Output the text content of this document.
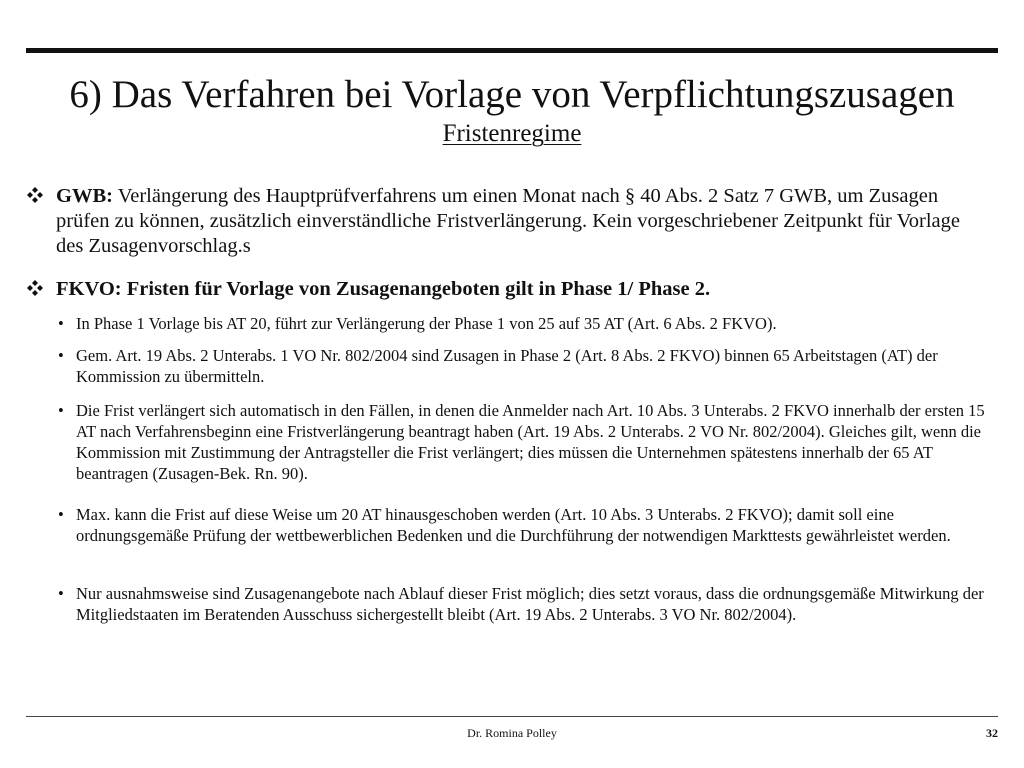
6) Das Verfahren bei Vorlage von Verpflichtungszusagen
Fristenregime
GWB: Verlängerung des Hauptprüfverfahrens um einen Monat nach § 40 Abs. 2 Satz 7 GWB, um Zusagen prüfen zu können, zusätzlich einverständliche Fristverlängerung. Kein vorgeschriebener Zeitpunkt für Vorlage des Zusagenvorschlag.s
FKVO: Fristen für Vorlage von Zusagenangeboten gilt in Phase 1/ Phase 2.
• In Phase 1 Vorlage bis AT 20, führt zur Verlängerung der Phase 1 von 25 auf 35 AT (Art. 6 Abs. 2 FKVO).
• Gem. Art. 19 Abs. 2 Unterabs. 1 VO Nr. 802/2004 sind Zusagen in Phase 2 (Art. 8 Abs. 2 FKVO) binnen 65 Arbeitstagen (AT) der Kommission zu übermitteln.
• Die Frist verlängert sich automatisch in den Fällen, in denen die Anmelder nach Art. 10 Abs. 3 Unterabs. 2 FKVO innerhalb der ersten 15 AT nach Verfahrensbeginn eine Fristverlängerung beantragt haben (Art. 19 Abs. 2 Unterabs. 2 VO Nr. 802/2004). Gleiches gilt, wenn die Kommission mit Zustimmung der Antragsteller die Frist verlängert; dies müssen die Unternehmen spätestens innerhalb der 65 AT beantragen (Zusagen-Bek. Rn. 90).
• Max. kann die Frist auf diese Weise um 20 AT hinausgeschoben werden (Art. 10 Abs. 3 Unterabs. 2 FKVO); damit soll eine ordnungsgemäße Prüfung der wettbewerblichen Bedenken und die Durchführung der notwendigen Markttests gewährleistet werden.
• Nur ausnahmsweise sind Zusagenangebote nach Ablauf dieser Frist möglich; dies setzt voraus, dass die ordnungsgemäße Mitwirkung der Mitgliedstaaten im Beratenden Ausschuss sichergestellt bleibt (Art. 19 Abs. 2 Unterabs. 3 VO Nr. 802/2004).
Dr. Romina Polley	32
